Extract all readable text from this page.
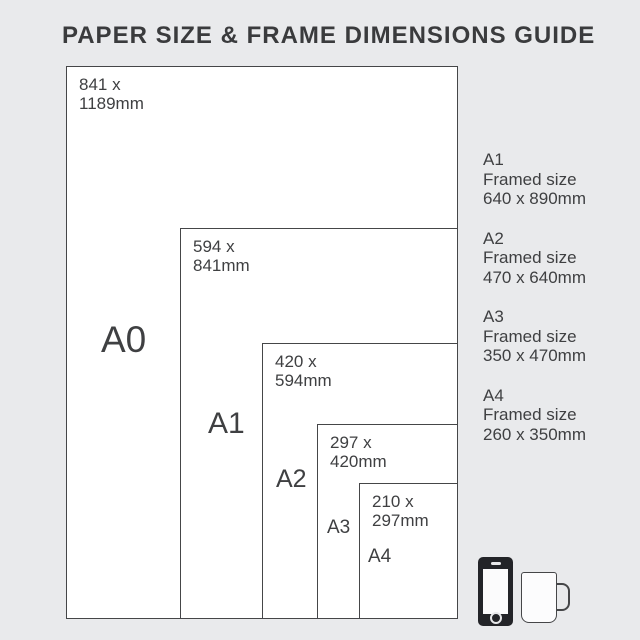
PAPER SIZE & FRAME DIMENSIONS GUIDE
841 x
1189mm
594 x
841mm
420 x
594mm
297 x
420mm
210 x
297mm
A0
A1
A2
A3
A4
A1
Framed size
640 x 890mm
A2
Framed size
470 x 640mm
A3
Framed size
350 x 470mm
A4
Framed size
260 x 350mm
